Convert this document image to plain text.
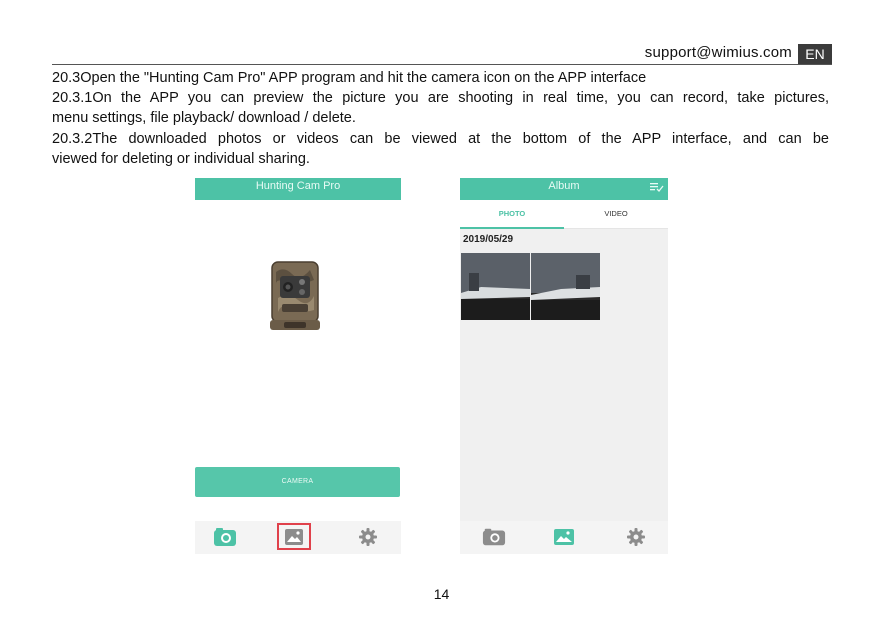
support@wimius.com EN
20.3Open the "Hunting Cam Pro" APP program and hit the camera icon on the APP interface
20.3.1On the APP you can preview the picture you are shooting in real time, you can record, take pictures,
menu settings, file playback/ download / delete.
20.3.2The downloaded photos or videos can be viewed at the bottom of the APP interface, and can be
viewed for deleting or individual sharing.
Hunting Cam Pro
CAMERA
Album
PHOTO	VIDEO
2019/05/29
14
